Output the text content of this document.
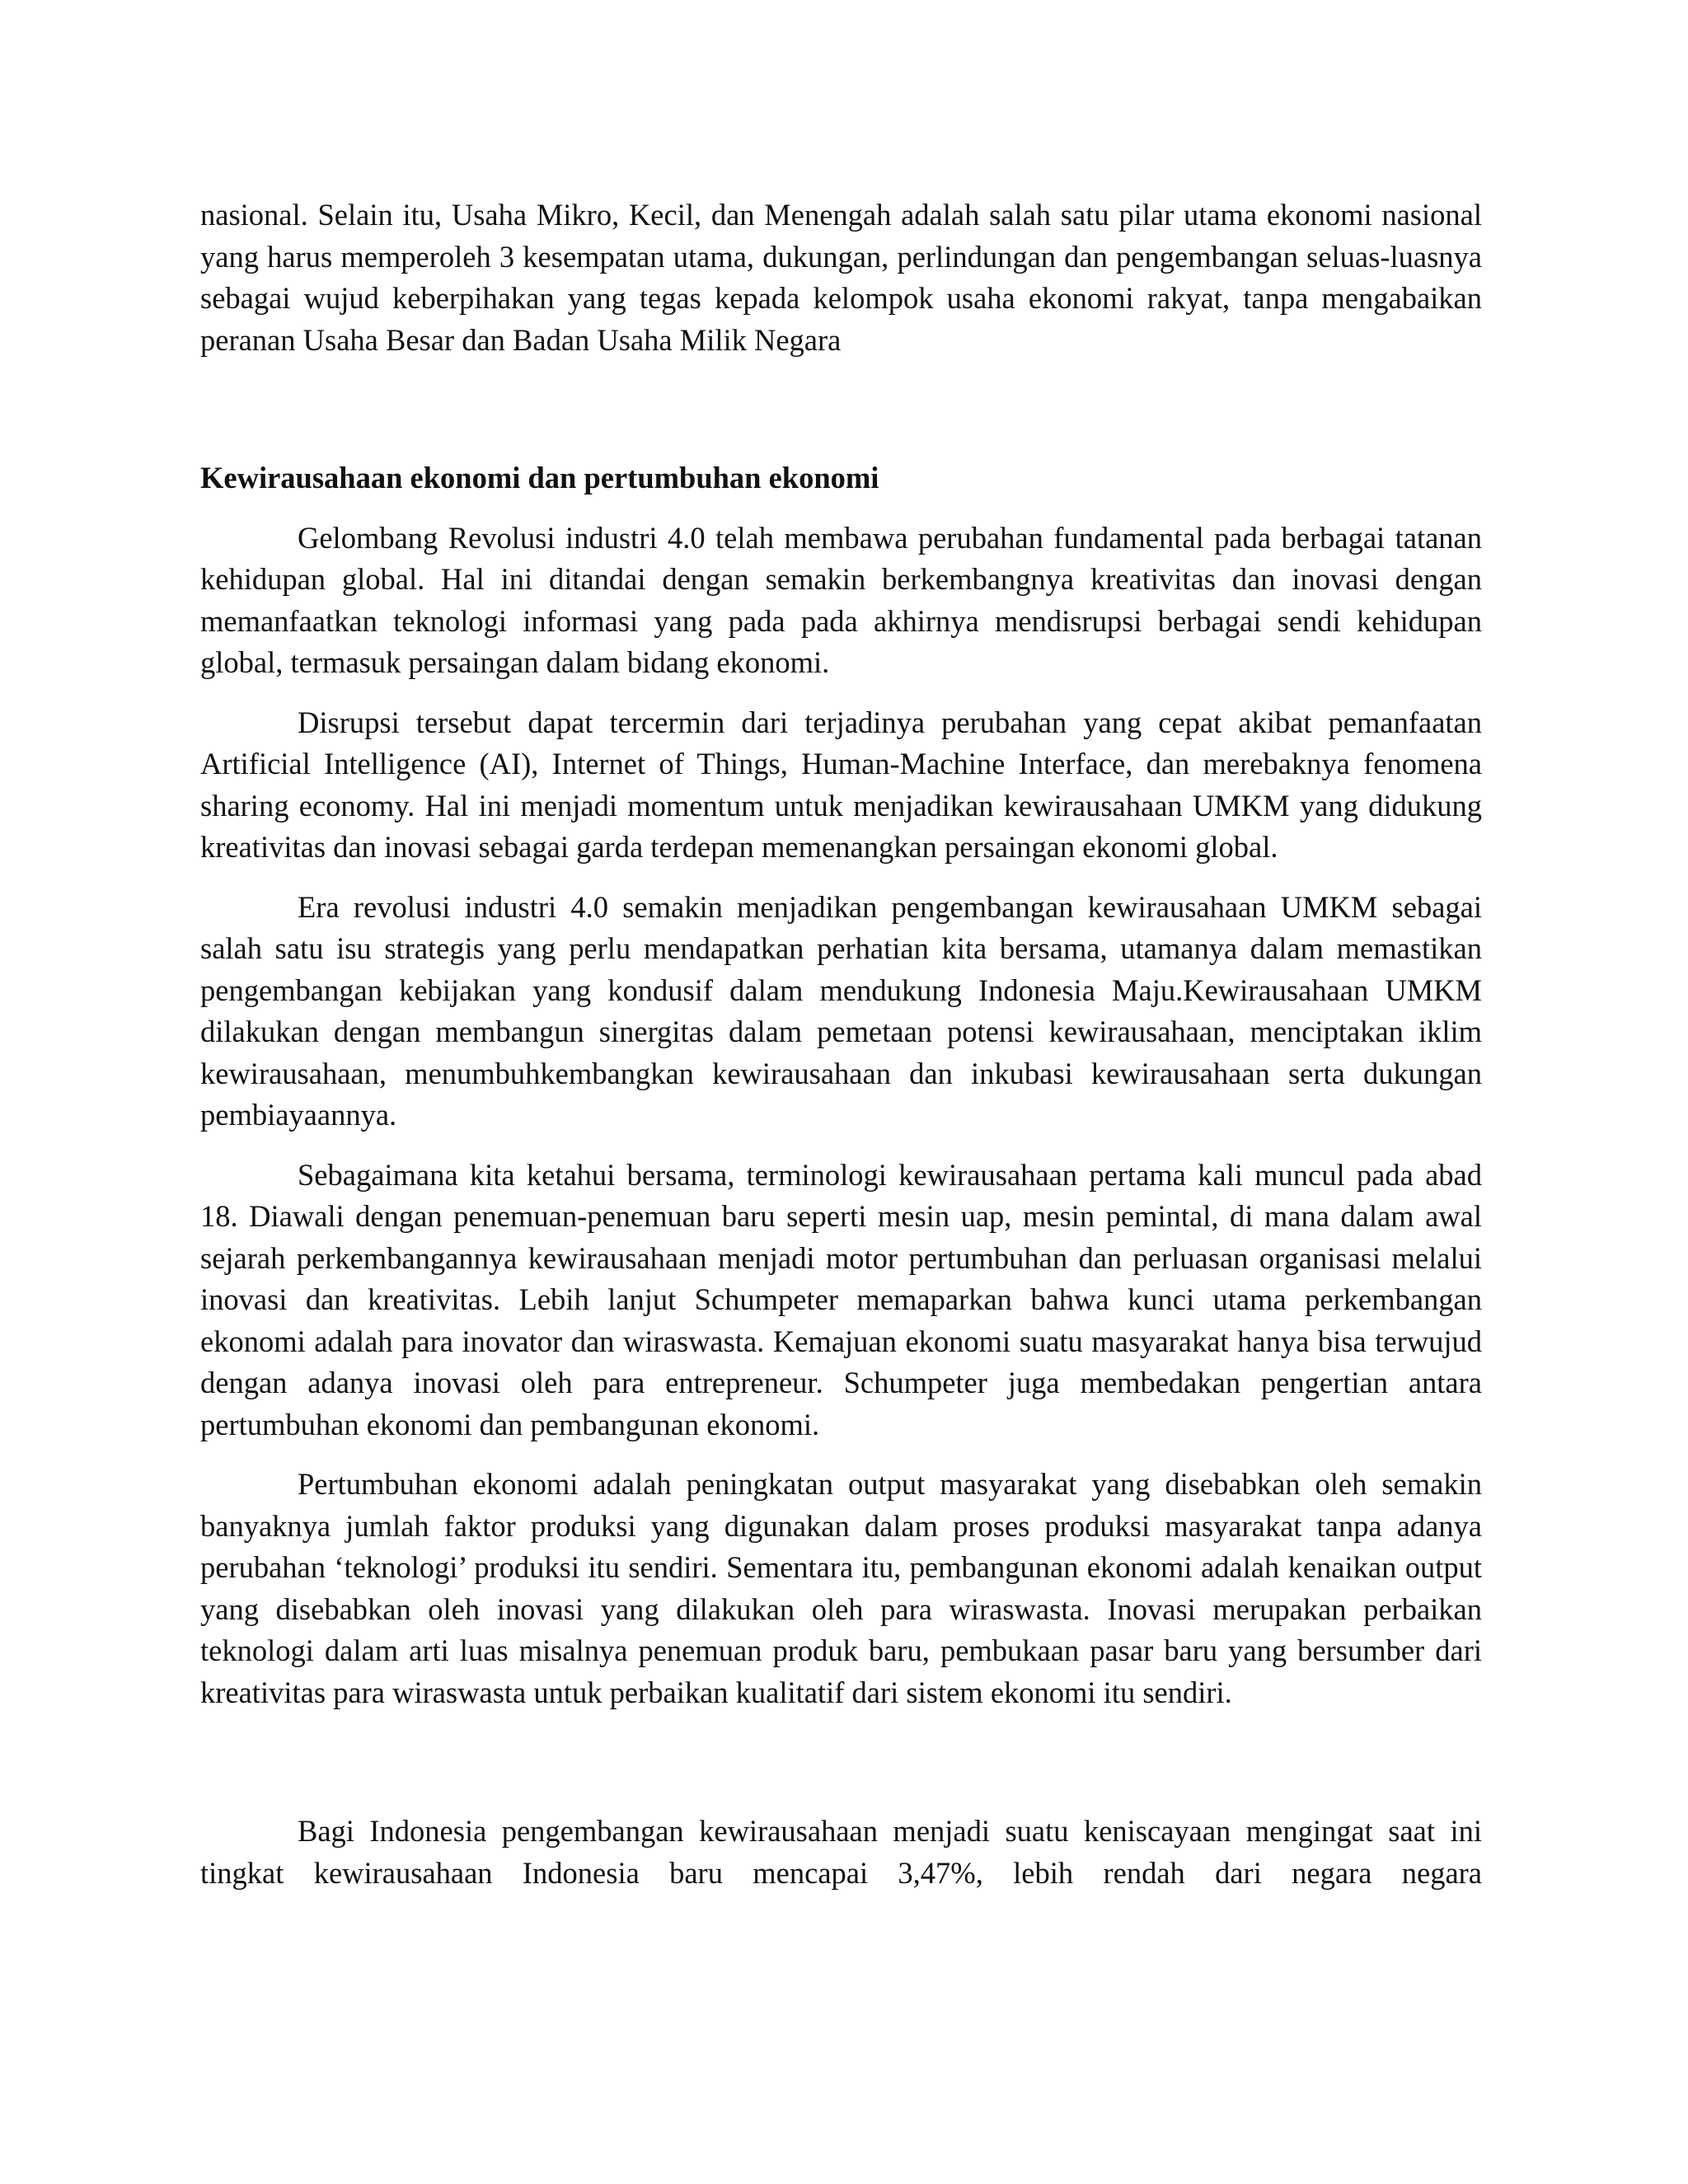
nasional. Selain itu, Usaha Mikro, Kecil, dan Menengah adalah salah satu pilar utama ekonomi nasional yang harus memperoleh 3 kesempatan utama, dukungan, perlindungan dan pengembangan seluas-luasnya sebagai wujud keberpihakan yang tegas kepada kelompok usaha ekonomi rakyat, tanpa mengabaikan peranan Usaha Besar dan Badan Usaha Milik Negara

Kewirausahaan ekonomi dan pertumbuhan ekonomi

Gelombang Revolusi industri 4.0 telah membawa perubahan fundamental pada berbagai tatanan kehidupan global. Hal ini ditandai dengan semakin berkembangnya kreativitas dan inovasi dengan memanfaatkan teknologi informasi yang pada pada akhirnya mendisrupsi berbagai sendi kehidupan global, termasuk persaingan dalam bidang ekonomi.

Disrupsi tersebut dapat tercermin dari terjadinya perubahan yang cepat akibat pemanfaatan Artificial Intelligence (AI), Internet of Things, Human-Machine Interface, dan merebaknya fenomena sharing economy. Hal ini menjadi momentum untuk menjadikan kewirausahaan UMKM yang didukung kreativitas dan inovasi sebagai garda terdepan memenangkan persaingan ekonomi global.

Era revolusi industri 4.0 semakin menjadikan pengembangan kewirausahaan UMKM sebagai salah satu isu strategis yang perlu mendapatkan perhatian kita bersama, utamanya dalam memastikan pengembangan kebijakan yang kondusif dalam mendukung Indonesia Maju.Kewirausahaan UMKM dilakukan dengan membangun sinergitas dalam pemetaan potensi kewirausahaan, menciptakan iklim kewirausahaan, menumbuhkembangkan kewirausahaan dan inkubasi kewirausahaan serta dukungan pembiayaannya.

Sebagaimana kita ketahui bersama, terminologi kewirausahaan pertama kali muncul pada abad 18. Diawali dengan penemuan-penemuan baru seperti mesin uap, mesin pemintal, di mana dalam awal sejarah perkembangannya kewirausahaan menjadi motor pertumbuhan dan perluasan organisasi melalui inovasi dan kreativitas. Lebih lanjut Schumpeter memaparkan bahwa kunci utama perkembangan ekonomi adalah para inovator dan wiraswasta. Kemajuan ekonomi suatu masyarakat hanya bisa terwujud dengan adanya inovasi oleh para entrepreneur. Schumpeter juga membedakan pengertian antara pertumbuhan ekonomi dan pembangunan ekonomi.

Pertumbuhan ekonomi adalah peningkatan output masyarakat yang disebabkan oleh semakin banyaknya jumlah faktor produksi yang digunakan dalam proses produksi masyarakat tanpa adanya perubahan ‘teknologi’ produksi itu sendiri. Sementara itu, pembangunan ekonomi adalah kenaikan output yang disebabkan oleh inovasi yang dilakukan oleh para wiraswasta. Inovasi merupakan perbaikan teknologi dalam arti luas misalnya penemuan produk baru, pembukaan pasar baru yang bersumber dari kreativitas para wiraswasta untuk perbaikan kualitatif dari sistem ekonomi itu sendiri.

Bagi Indonesia pengembangan kewirausahaan menjadi suatu keniscayaan mengingat saat ini tingkat kewirausahaan Indonesia baru mencapai 3,47%, lebih rendah dari negara negara
